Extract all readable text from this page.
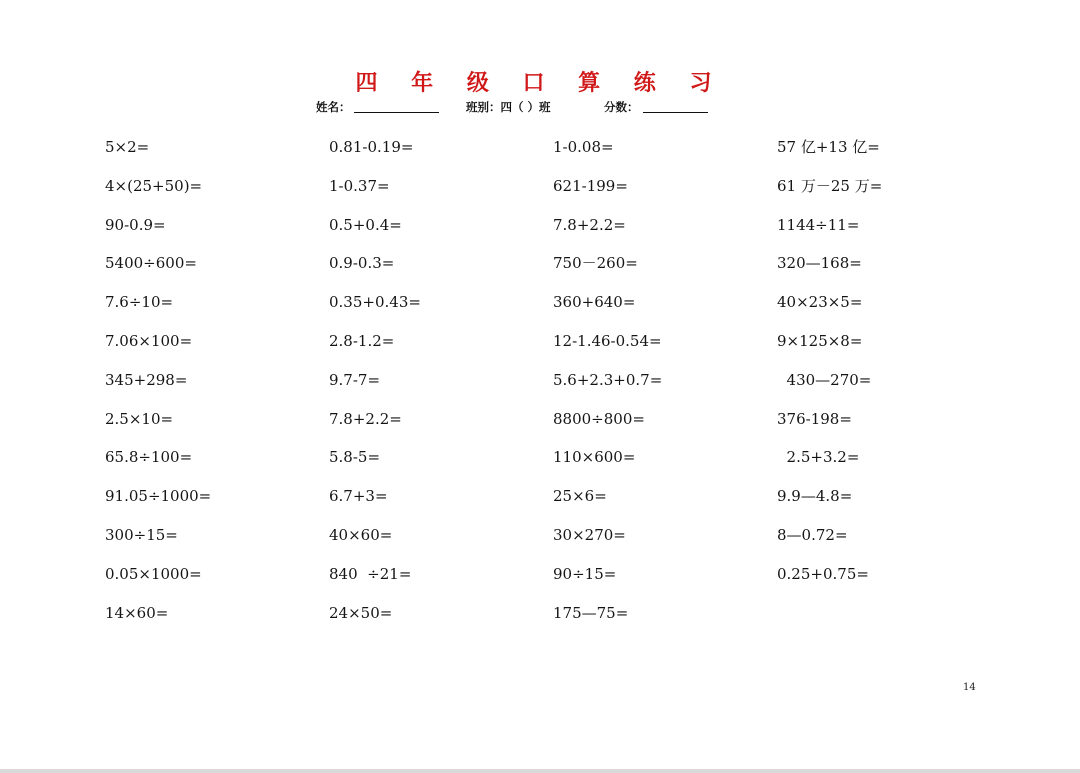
四 年 级 口 算 练 习
姓名：	班别：四（ ）班	分数：
5×2=
4×(25+50)=
90-0.9=
5400÷600=
7.6÷10=
7.06×100=
345+298=
2.5×10=
65.8÷100=
91.05÷1000=
300÷15=
0.05×1000=
14×60=
0.81-0.19=
1-0.37=
0.5+0.4=
0.9-0.3=
0.35+0.43=
2.8-1.2=
9.7-7=
7.8+2.2=
5.8-5=
6.7+3=
40×60=
840  ÷21=
24×50=
1-0.08=
621-199=
7.8+2.2=
750－260=
360+640=
12-1.46-0.54=
5.6+2.3+0.7=
8800÷800=
110×600=
25×6=
30×270=
90÷15=
175—75=
57 亿+13 亿=
61 万－25 万=
1144÷11=
320—168=
40×23×5=
9×125×8=
430—270=
376-198=
2.5+3.2=
9.9—4.8=
8—0.72=
0.25+0.75=
14
